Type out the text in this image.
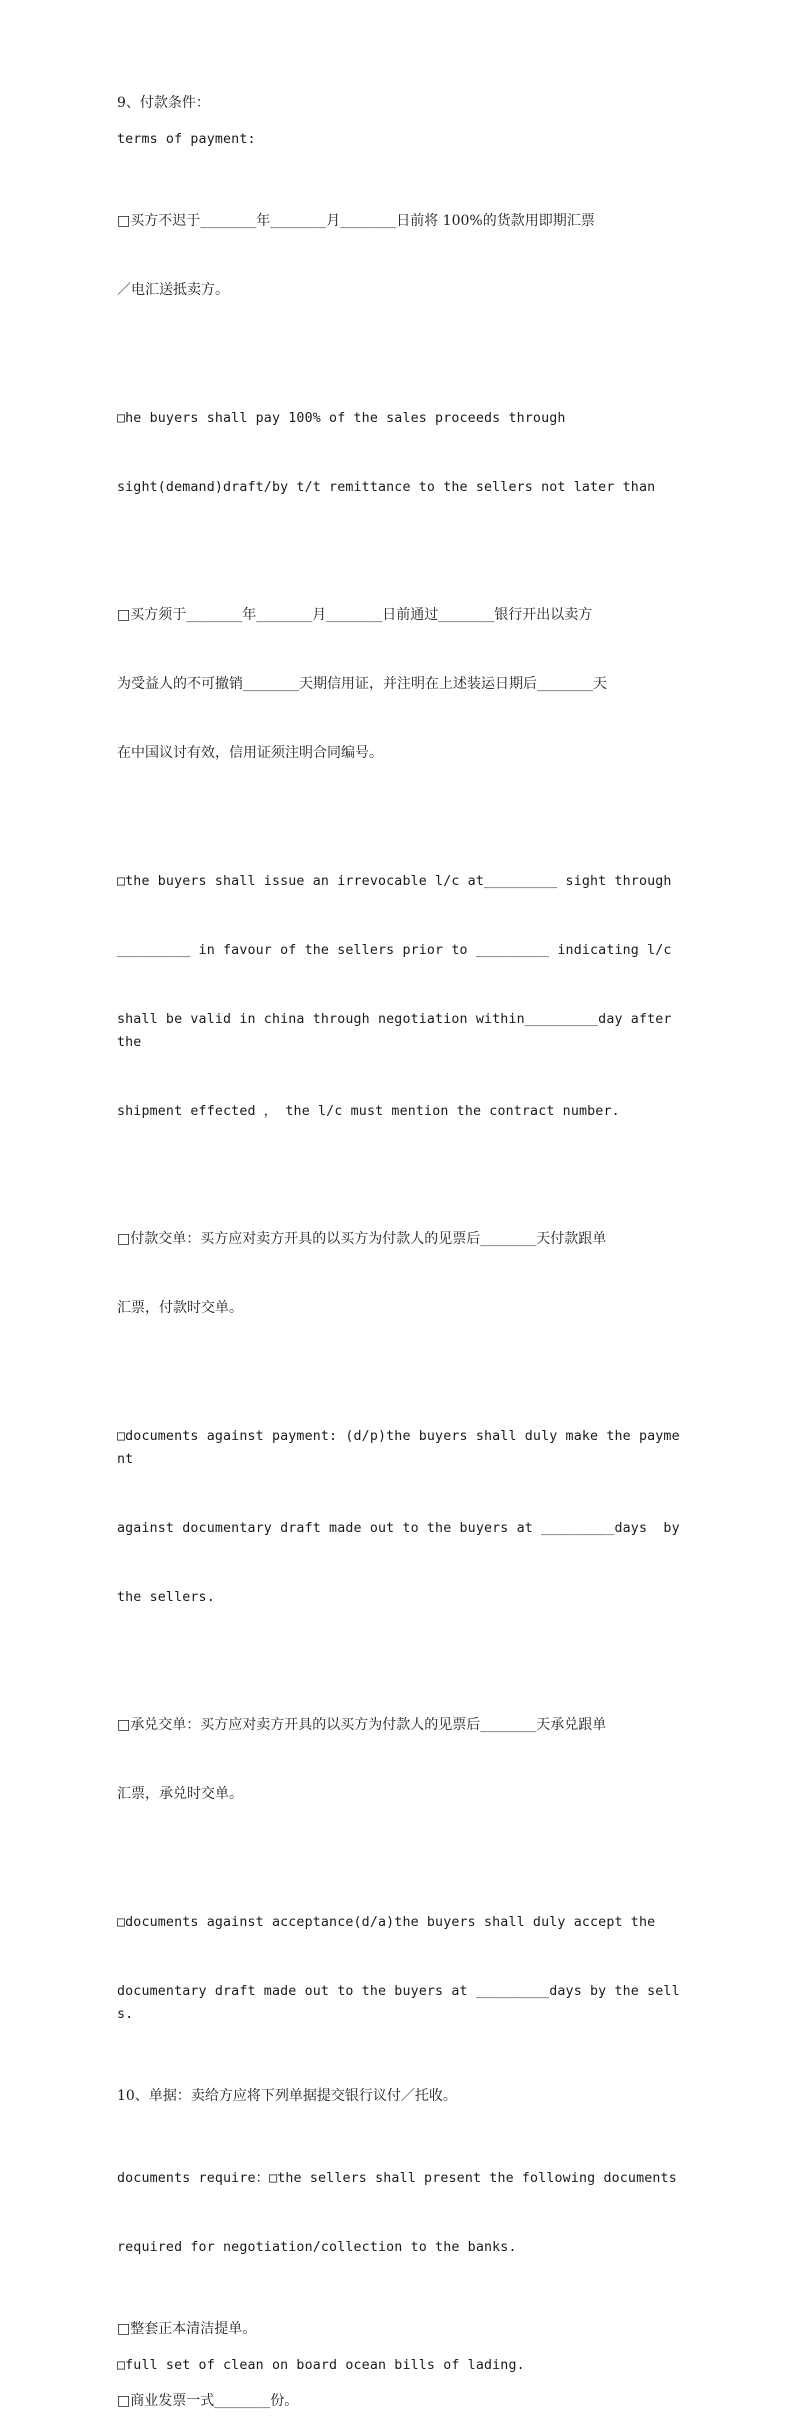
9、付款条件：

terms of payment:

□买方不迟于________年________月________日前将 100%的货款用即期汇票

／电汇送抵卖方。

□he buyers shall pay 100% of the sales proceeds through

sight(demand)draft/by t/t remittance to the sellers not later than

□买方须于________年________月________日前通过________银行开出以卖方

为受益人的不可撤销________天期信用证，并注明在上述装运日期后________天

在中国议讨有效，信用证须注明合同编号。

□the buyers shall issue an irrevocable l/c at_________ sight through

_________ in favour of the sellers prior to _________ indicating l/c

shall be valid in china through negotiation within_________day after the

shipment effected ， the l/c must mention the contract number.

□付款交单：买方应对卖方开具的以买方为付款人的见票后________天付款跟单

汇票，付款时交单。

□documents against payment: (d/p)the buyers shall duly make the payment

against documentary draft made out to the buyers at _________days  by

the sellers.

□承兑交单：买方应对卖方开具的以买方为付款人的见票后________天承兑跟单

汇票，承兑时交单。

□documents against acceptance(d/a)the buyers shall duly accept the

documentary draft made out to the buyers at _________days by the sells.

10、单据：卖给方应将下列单据提交银行议付／托收。

documents require：□the sellers shall present the following documents

required for negotiation/collection to the banks.

□整套正本清洁提单。

□full set of clean on board ocean bills of lading.

□商业发票一式________份。
